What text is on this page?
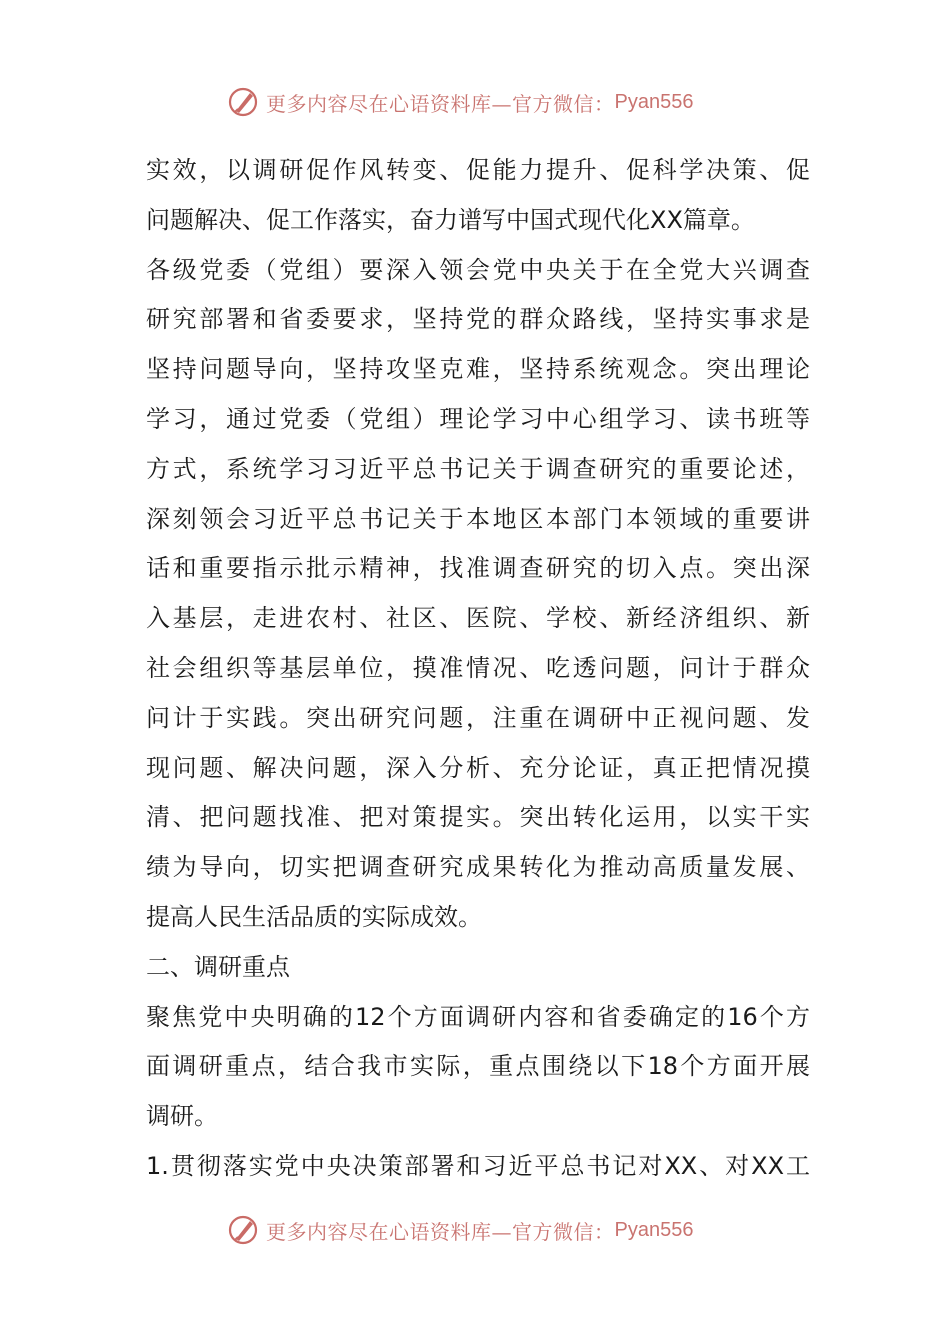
更多内容尽在心语资料库—官方微信： Pyan556
实效，以调研促作风转变、促能力提升、促科学决策、促
问题解决、促工作落实，奋力谱写中国式现代化XX篇章。
各级党委（党组）要深入领会党中央关于在全党大兴调查
研究部署和省委要求，坚持党的群众路线，坚持实事求是
坚持问题导向，坚持攻坚克难，坚持系统观念。突出理论
学习，通过党委（党组）理论学习中心组学习、读书班等
方式，系统学习习近平总书记关于调查研究的重要论述，
深刻领会习近平总书记关于本地区本部门本领域的重要讲
话和重要指示批示精神，找准调查研究的切入点。突出深
入基层，走进农村、社区、医院、学校、新经济组织、新
社会组织等基层单位，摸准情况、吃透问题，问计于群众
问计于实践。突出研究问题，注重在调研中正视问题、发
现问题、解决问题，深入分析、充分论证，真正把情况摸
清、把问题找准、把对策提实。突出转化运用，以实干实
绩为导向，切实把调查研究成果转化为推动高质量发展、
提高人民生活品质的实际成效。
二、调研重点
聚焦党中央明确的12个方面调研内容和省委确定的16个方
面调研重点，结合我市实际，重点围绕以下18个方面开展
调研。
1.贯彻落实党中央决策部署和习近平总书记对XX、对XX工
更多内容尽在心语资料库—官方微信： Pyan556
